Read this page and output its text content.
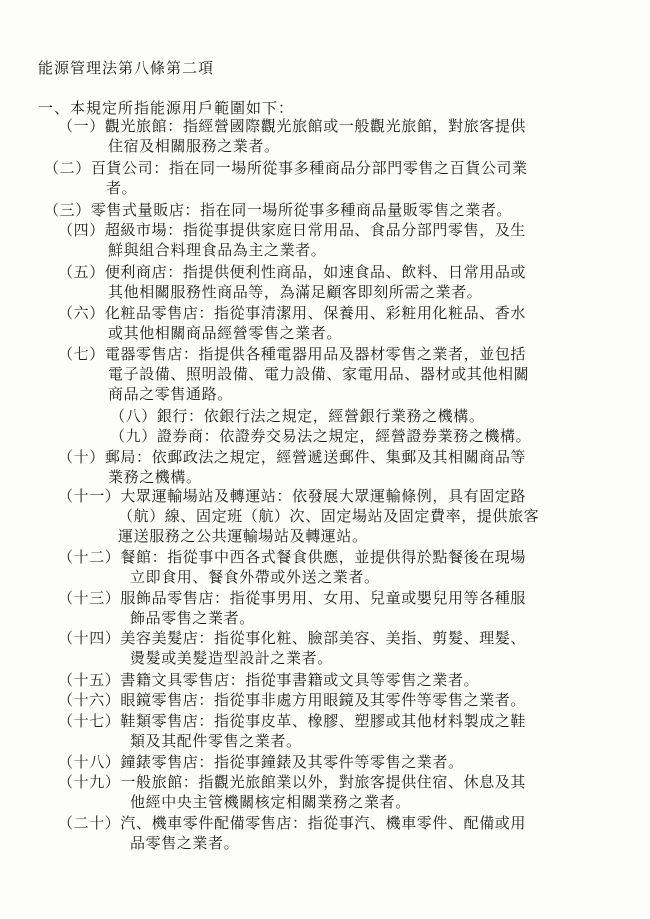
能源管理法第八條第二項
一、本規定所指能源用戶範圍如下：
（一）觀光旅館：指經營國際觀光旅館或一般觀光旅館，對旅客提供
住宿及相關服務之業者。
（二）百貨公司：指在同一場所從事多種商品分部門零售之百貨公司業
者。
（三）零售式量販店：指在同一場所從事多種商品量販零售之業者。
（四）超級市場：指從事提供家庭日常用品、食品分部門零售，及生
鮮與組合料理食品為主之業者。
（五）便利商店：指提供便利性商品，如速食品、飲料、日常用品或
其他相關服務性商品等，為滿足顧客即刻所需之業者。
（六）化粧品零售店：指從事清潔用、保養用、彩粧用化粧品、香水
或其他相關商品經營零售之業者。
（七）電器零售店：指提供各種電器用品及器材零售之業者，並包括
電子設備、照明設備、電力設備、家電用品、器材或其他相關
商品之零售通路。
（八）銀行：依銀行法之規定，經營銀行業務之機構。
（九）證券商：依證券交易法之規定，經營證券業務之機構。
（十）郵局：依郵政法之規定，經營遞送郵件、集郵及其相關商品等
業務之機構。
（十一）大眾運輸場站及轉運站：依發展大眾運輸條例，具有固定路
（航）線、固定班（航）次、固定場站及固定費率，提供旅客
運送服務之公共運輸場站及轉運站。
（十二）餐館：指從事中西各式餐食供應，並提供得於點餐後在現場
立即食用、餐食外帶或外送之業者。
（十三）服飾品零售店：指從事男用、女用、兒童或嬰兒用等各種服
飾品零售之業者。
（十四）美容美髮店：指從事化粧、臉部美容、美指、剪髮、理髮、
燙髮或美髮造型設計之業者。
（十五）書籍文具零售店：指從事書籍或文具等零售之業者。
（十六）眼鏡零售店：指從事非處方用眼鏡及其零件等零售之業者。
（十七）鞋類零售店：指從事皮革、橡膠、塑膠或其他材料製成之鞋
類及其配件零售之業者。
（十八）鐘錶零售店：指從事鐘錶及其零件等零售之業者。
（十九）一般旅館：指觀光旅館業以外，對旅客提供住宿、休息及其
他經中央主管機關核定相關業務之業者。
（二十）汽、機車零件配備零售店：指從事汽、機車零件、配備或用
品零售之業者。
